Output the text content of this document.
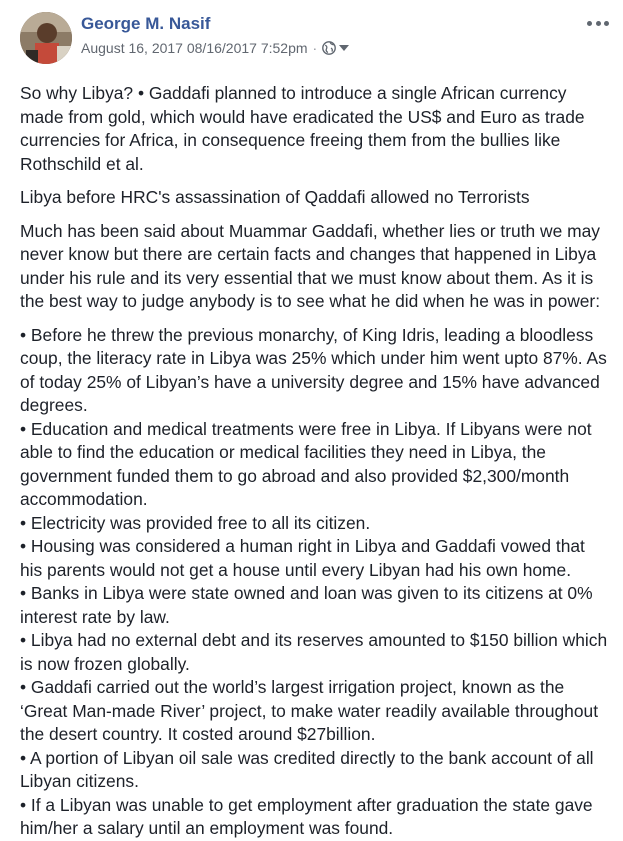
George M. Nasif
August 16, 2017 08/16/2017 7:52pm ·

So why Libya? • Gaddafi planned to introduce a single African currency made from gold, which would have eradicated the US$ and Euro as trade currencies for Africa, in consequence freeing them from the bullies like Rothschild et al.

Libya before HRC's assassination of Qaddafi allowed no Terrorists

Much has been said about Muammar Gaddafi, whether lies or truth we may never know but there are certain facts and changes that happened in Libya under his rule and its very essential that we must know about them. As it is the best way to judge anybody is to see what he did when he was in power:

• Before he threw the previous monarchy, of King Idris, leading a bloodless coup, the literacy rate in Libya was 25% which under him went upto 87%. As of today 25% of Libyan’s have a university degree and 15% have advanced degrees.
• Education and medical treatments were free in Libya. If Libyans were not able to find the education or medical facilities they need in Libya, the government funded them to go abroad and also provided $2,300/month accommodation.
• Electricity was provided free to all its citizen.
• Housing was considered a human right in Libya and Gaddafi vowed that his parents would not get a house until every Libyan had his own home.
• Banks in Libya were state owned and loan was given to its citizens at 0% interest rate by law.
• Libya had no external debt and its reserves amounted to $150 billion which is now frozen globally.
• Gaddafi carried out the world’s largest irrigation project, known as the ‘Great Man-made River’ project, to make water readily available throughout the desert country. It costed around $27billion.
• A portion of Libyan oil sale was credited directly to the bank account of all Libyan citizens.
• If a Libyan was unable to get employment after graduation the state gave him/her a salary until an employment was found.
